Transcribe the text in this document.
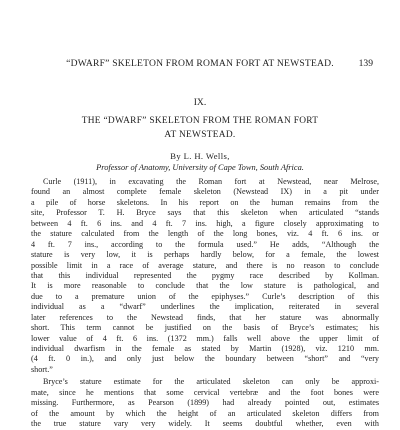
“DWARF” SKELETON FROM ROMAN FORT AT NEWSTEAD.	139
IX.
THE “DWARF” SKELETON FROM THE ROMAN FORT
AT NEWSTEAD.
By L. H. Wells,
Professor of Anatomy, University of Cape Town, South Africa.
Curle (1911), in excavating the Roman fort at Newstead, near Melrose,
found an almost complete female skeleton (Newstead IX) in a pit under
a pile of horse skeletons. In his report on the human remains from the
site, Professor T. H. Bryce says that this skeleton when articulated “stands
between 4 ft. 6 ins. and 4 ft. 7 ins. high, a figure closely approximating to
the stature calculated from the length of the long bones, viz. 4 ft. 6 ins. or
4 ft. 7 ins., according to the formula used.” He adds, “Although the
stature is very low, it is perhaps hardly below, for a female, the lowest
possible limit in a race of average stature, and there is no reason to conclude
that this individual represented the pygmy race described by Kollman.
It is more reasonable to conclude that the low stature is pathological, and
due to a premature union of the epiphyses.” Curle’s description of this
individual as a “dwarf” underlines the implication, reiterated in several
later references to the Newstead finds, that her stature was abnormally
short. This term cannot be justified on the basis of Bryce’s estimates; his
lower value of 4 ft. 6 ins. (1372 mm.) falls well above the upper limit of
individual dwarfism in the female as stated by Martin (1928), viz. 1210 mm.
(4 ft. 0 in.), and only just below the boundary between “short” and “very
short.”
Bryce’s stature estimate for the articulated skeleton can only be approxi-
mate, since he mentions that some cervical vertebræ and the foot bones were
missing. Furthermore, as Pearson (1899) had already pointed out, estimates
of the amount by which the height of an articulated skeleton differs from
the true stature vary very widely. It seems doubtful whether, even with
